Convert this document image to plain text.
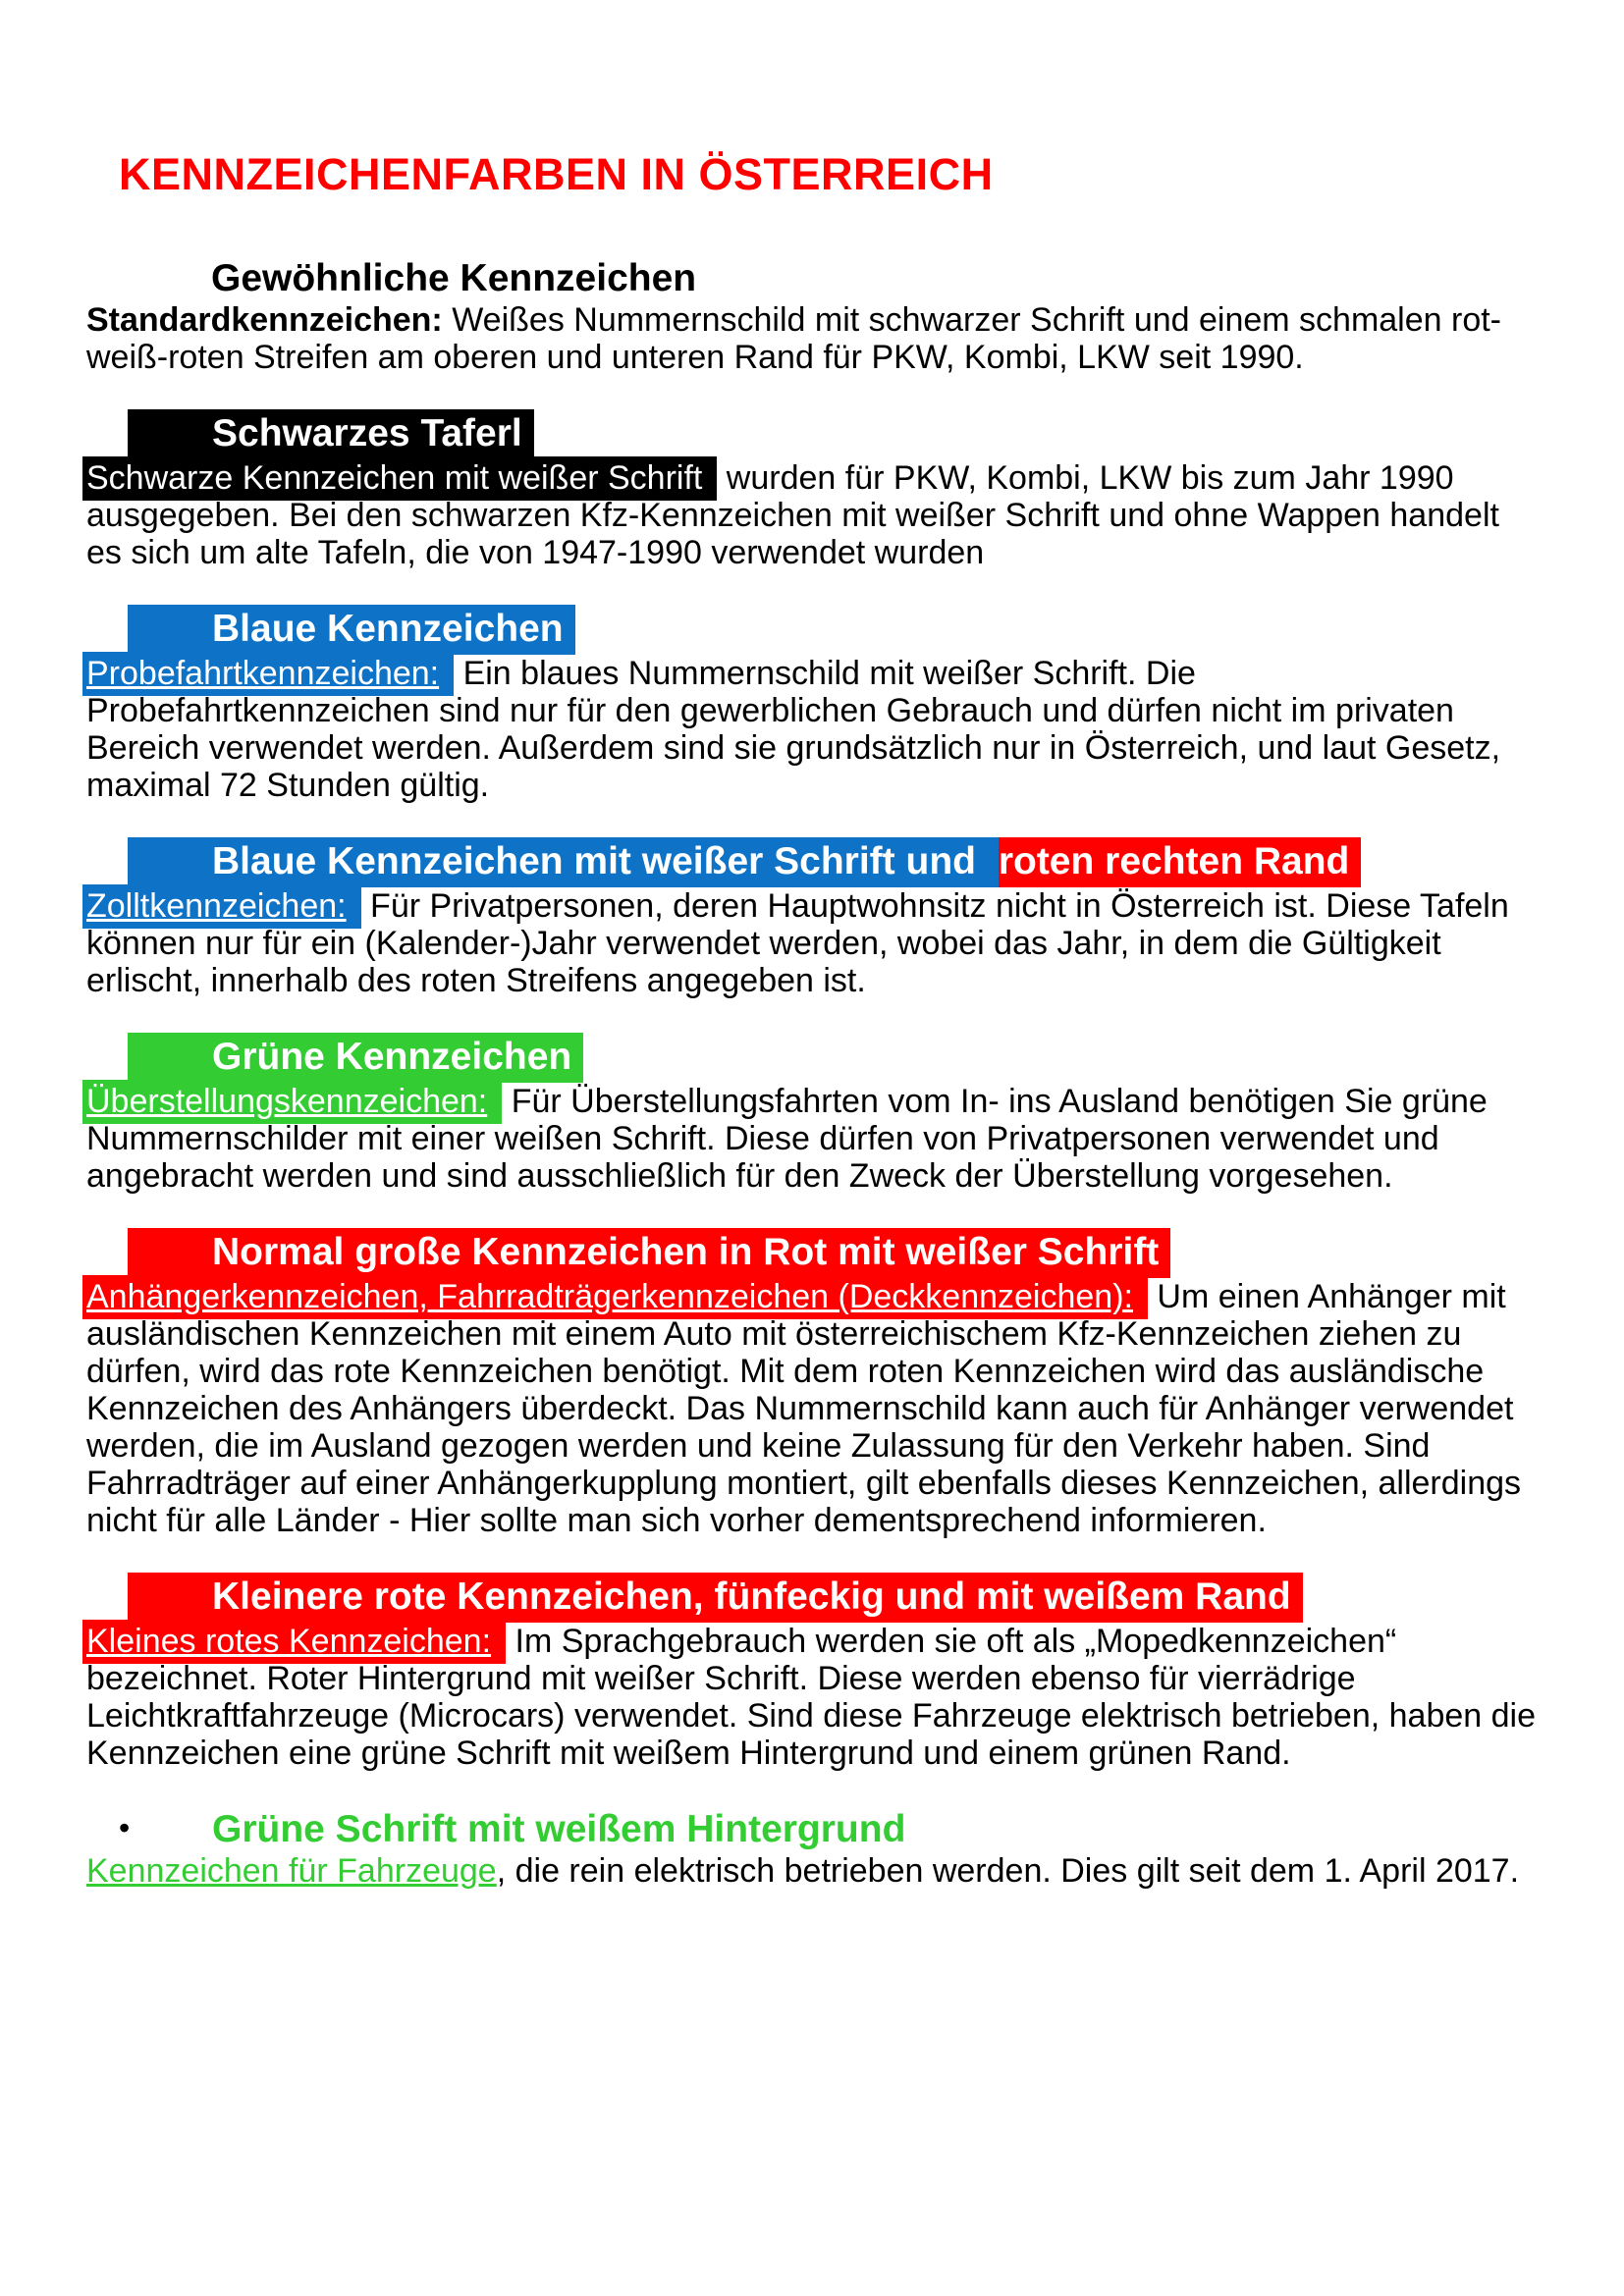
KENNZEICHENFARBEN IN ÖSTERREICH
Gewöhnliche Kennzeichen

Standardkennzeichen: Weißes Nummernschild mit schwarzer Schrift und einem schmalen rot-weiß-roten Streifen am oberen und unteren Rand für PKW, Kombi, LKW seit 1990.

Schwarzes Taferl

Schwarze Kennzeichen mit weißer Schrift wurden für PKW, Kombi, LKW bis zum Jahr 1990 ausgegeben. Bei den schwarzen Kfz-Kennzeichen mit weißer Schrift und ohne Wappen handelt es sich um alte Tafeln, die von 1947-1990 verwendet wurden

Blaue Kennzeichen

Probefahrtkennzeichen: Ein blaues Nummernschild mit weißer Schrift. Die Probefahrtkennzeichen sind nur für den gewerblichen Gebrauch und dürfen nicht im privaten Bereich verwendet werden. Außerdem sind sie grundsätzlich nur in Österreich, und laut Gesetz, maximal 72 Stunden gültig.

Blaue Kennzeichen mit weißer Schrift und roten rechten Rand

Zolltkennzeichen: Für Privatpersonen, deren Hauptwohnsitz nicht in Österreich ist. Diese Tafeln können nur für ein (Kalender-)Jahr verwendet werden, wobei das Jahr, in dem die Gültigkeit erlischt, innerhalb des roten Streifens angegeben ist.

Grüne Kennzeichen

Überstellungskennzeichen: Für Überstellungsfahrten vom In- ins Ausland benötigen Sie grüne Nummernschilder mit einer weißen Schrift. Diese dürfen von Privatpersonen verwendet und angebracht werden und sind ausschließlich für den Zweck der Überstellung vorgesehen.

Normal große Kennzeichen in Rot mit weißer Schrift

Anhängerkennzeichen, Fahrradträgerkennzeichen (Deckkennzeichen): Um einen Anhänger mit ausländischen Kennzeichen mit einem Auto mit österreichischem Kfz-Kennzeichen ziehen zu dürfen, wird das rote Kennzeichen benötigt. Mit dem roten Kennzeichen wird das ausländische Kennzeichen des Anhängers überdeckt. Das Nummernschild kann auch für Anhänger verwendet werden, die im Ausland gezogen werden und keine Zulassung für den Verkehr haben. Sind Fahrradträger auf einer Anhängerkupplung montiert, gilt ebenfalls dieses Kennzeichen, allerdings nicht für alle Länder - Hier sollte man sich vorher dementsprechend informieren.

Kleinere rote Kennzeichen, fünfeckig und mit weißem Rand

Kleines rotes Kennzeichen: Im Sprachgebrauch werden sie oft als „Mopedkennzeichen“ bezeichnet. Roter Hintergrund mit weißer Schrift. Diese werden ebenso für vierrädrige Leichtkraftfahrzeuge (Microcars) verwendet. Sind diese Fahrzeuge elektrisch betrieben, haben die Kennzeichen eine grüne Schrift mit weißem Hintergrund und einem grünen Rand.

• Grüne Schrift mit weißem Hintergrund

Kennzeichen für Fahrzeuge, die rein elektrisch betrieben werden. Dies gilt seit dem 1. April 2017.
